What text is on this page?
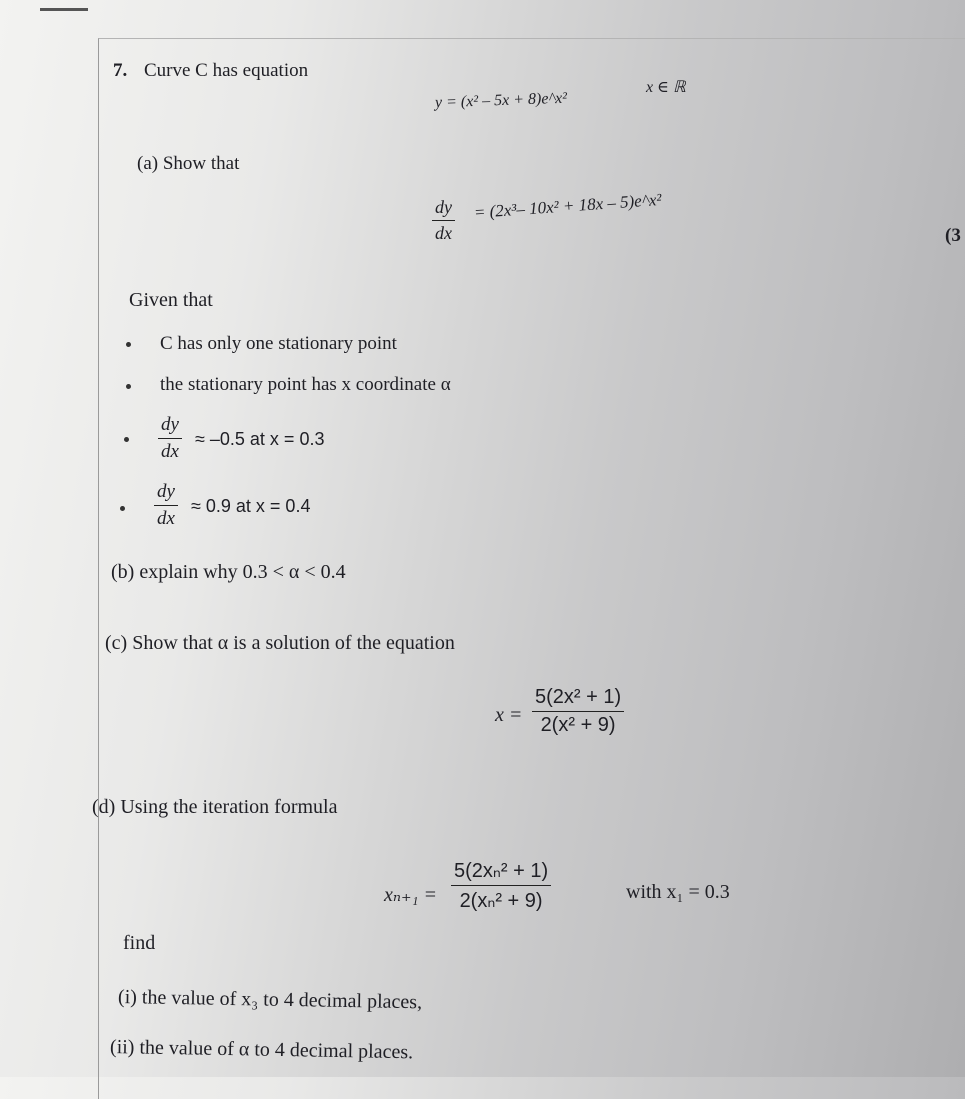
7. Curve C has equation
y = (x² – 5x + 8)e^x²
x ∈ ℝ
(a) Show that
$\frac{dy}{dx} = (2x^3-$ 10x² + 18x – 5)e^x²
(3
Given that
C has only one stationary point
the stationary point has x coordinate α
$\frac{dy}{dx} \approx -0.5$ at x = 0.3
$\frac{dy}{dx} \approx 0.9$ at x = 0.4
(b) explain why 0.3 < α < 0.4
(c) Show that α is a solution of the equation
$x = \frac{\text{5(2x² + 1)}}{\text{2(x² + 9)}}$
(d) Using the iteration formula
$x_{n+1} = \frac{\text{5(2xₙ² + 1)}}{\text{2(xₙ² + 9)}}$	with x₁ = 0.3
find
(i) the value of x₃ to 4 decimal places,
(ii) the value of α to 4 decimal places.
